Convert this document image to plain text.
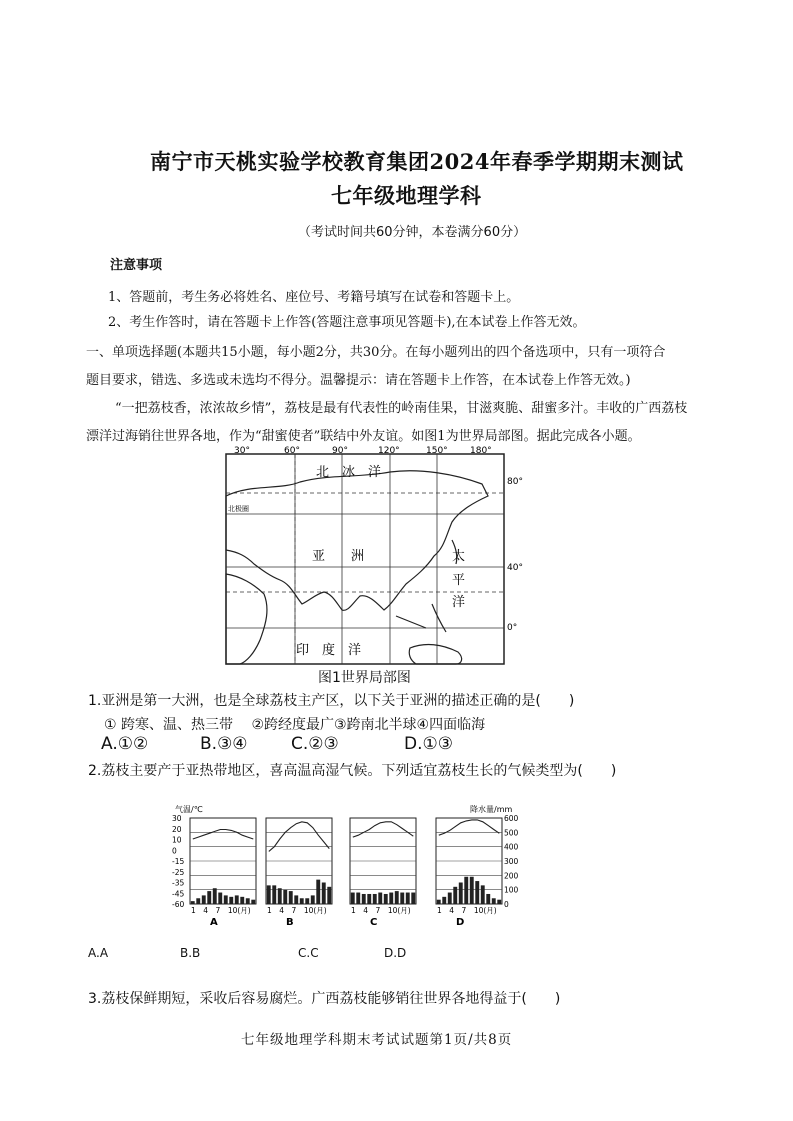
南宁市天桃实验学校教育集团2024年春季学期期末测试
七年级地理学科
（考试时间共60分钟，本卷满分60分）
注意事项
1、答题前，考生务必将姓名、座位号、考籍号填写在试卷和答题卡上。
2、考生作答时，请在答题卡上作答(答题注意事项见答题卡),在本试卷上作答无效。
一、单项选择题(本题共15小题，每小题2分，共30分。在每小题列出的四个备选项中，只有一项符合
题目要求，错选、多选或未选均不得分。温馨提示：请在答题卡上作答，在本试卷上作答无效。)
“一把荔枝香，浓浓故乡情”，荔枝是最有代表性的岭南佳果，甘滋爽脆、甜蜜多汁。丰收的广西荔枝
漂洋过海销往世界各地，作为“甜蜜使者”联结中外友谊。如图1为世界局部图。据此完成各小题。
30°	60°	90°	120°	150° 180°
80°
40°
0°
北　冰　洋
亚　　洲	太
平
洋
印　度　洋
北极圈
图1世界局部图
1.亚洲是第一大洲，也是全球荔枝主产区，以下关于亚洲的描述正确的是(　　)
① 跨寒、温、热三带　 ②跨经度最广③跨南北半球④四面临海
A.①②	B.③④	C.②③	D.①③
2.荔枝主要产于亚热带地区，喜高温高湿气候。下列适宜荔枝生长的气候类型为(　　)
气温/℃	降水量/mm
30
20
10
0
-15
-25
-35
-45
-60
600
500
400
300
200
100
0
1　4　7　10(月)
A
1　4　7　10(月)
B
1　4　7　10(月)
C
1　4　7　10(月)
D
A.A	B.B	C.C	D.D
3.荔枝保鲜期短，采收后容易腐烂。广西荔枝能够销往世界各地得益于(　　)
七年级地理学科期末考试试题第1页/共8页
